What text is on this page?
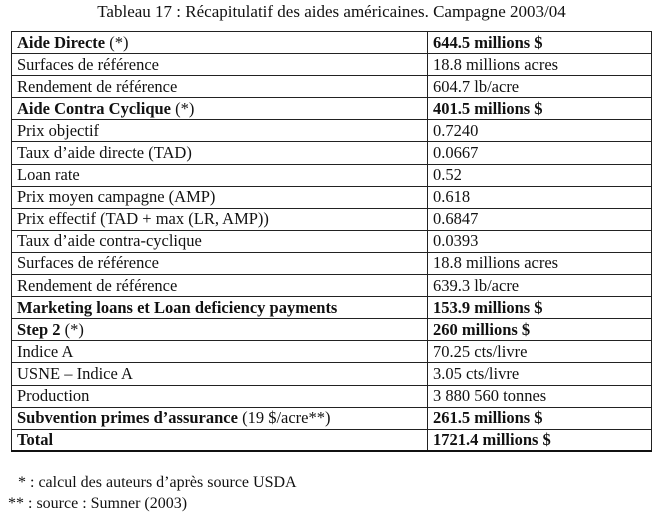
Tableau 17 : Récapitulatif des aides américaines. Campagne 2003/04
Aide Directe (*)	644.5 millions $
Surfaces de référence	18.8 millions acres
Rendement de référence	604.7 lb/acre
Aide Contra Cyclique (*)	401.5 millions $
Prix objectif	0.7240
Taux d’aide directe (TAD)	0.0667
Loan rate	0.52
Prix moyen campagne (AMP)	0.618
Prix effectif (TAD + max (LR, AMP))	0.6847
Taux d’aide contra-cyclique	0.0393
Surfaces de référence	18.8 millions acres
Rendement de référence	639.3 lb/acre
Marketing loans et Loan deficiency payments	153.9 millions $
Step 2 (*)	260 millions $
Indice A	70.25 cts/livre
USNE – Indice A	3.05 cts/livre
Production	3 880 560 tonnes
Subvention primes d’assurance (19 $/acre**)	261.5 millions $
Total	1721.4 millions $
* : calcul des auteurs d’après source USDA
** : source : Sumner (2003)
